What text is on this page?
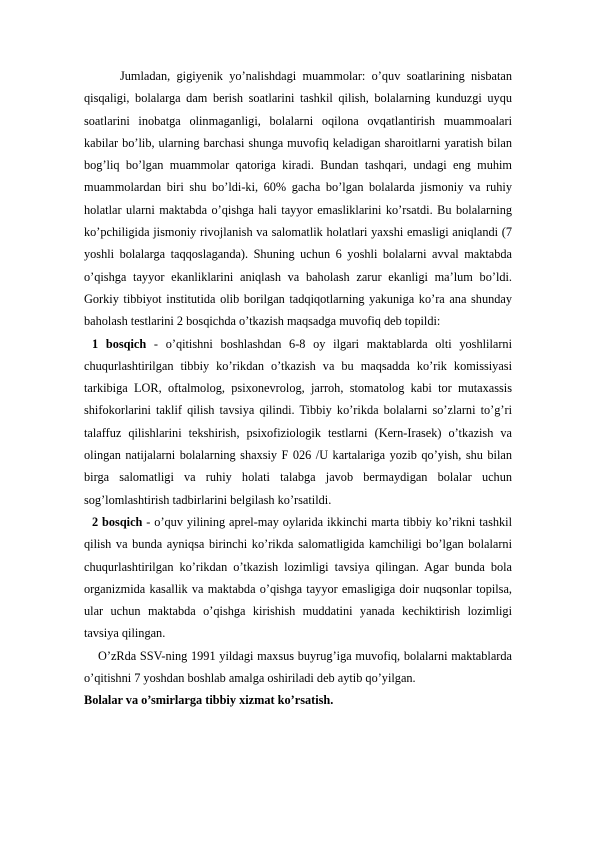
Jumladan, gigiyenik yo’nalishdagi muammolar: o’quv soatlarining nisbatan qisqaligi, bolalarga dam berish soatlarini tashkil qilish, bolalarning kunduzgi uyqu soatlarini inobatga olinmaganligi, bolalarni oqilona ovqatlantirish muammoalari kabilar bo’lib, ularning barchasi shunga muvofiq keladigan sharoitlarni yaratish bilan bog’liq bo’lgan muammolar qatoriga kiradi. Bundan tashqari, undagi eng muhim muammolardan biri shu bo’ldi-ki, 60% gacha bo’lgan bolalarda jismoniy va ruhiy holatlar ularni maktabda o’qishga hali tayyor emasliklarini ko’rsatdi. Bu bolalarning ko’pchiligida jismoniy rivojlanish va salomatlik holatlari yaxshi emasligi aniqlandi (7 yoshli bolalarga taqqoslaganda). Shuning uchun 6 yoshli bolalarni avval maktabda o’qishga tayyor ekanliklarini aniqlash va baholash zarur ekanligi ma’lum bo’ldi. Gorkiy tibbiyot institutida olib borilgan tadqiqotlarning yakuniga ko’ra ana shunday baholash testlarini 2 bosqichda o’tkazish maqsadga muvofiq deb topildi:

1 bosqich - o’qitishni boshlashdan 6-8 oy ilgari maktablarda olti yoshlilarni chuqurlashtirilgan tibbiy ko’rikdan o’tkazish va bu maqsadda ko’rik komissiyasi tarkibiga LOR, oftalmolog, psixonevrolog, jarroh, stomatolog kabi tor mutaxassis shifokorlarini taklif qilish tavsiya qilindi. Tibbiy ko’rikda bolalarni so’zlarni to’g’ri talaffuz qilishlarini tekshirish, psixofiziologik testlarni (Kern-Irasek) o’tkazish va olingan natijalarni bolalarning shaxsiy F 026 /U kartalariga yozib qo’yish, shu bilan birga salomatligi va ruhiy holati talabga javob bermaydigan bolalar uchun sog’lomlashtirish tadbirlarini belgilash ko’rsatildi.

2 bosqich - o’quv yilining aprel-may oylarida ikkinchi marta tibbiy ko’rikni tashkil qilish va bunda ayniqsa birinchi ko’rikda salomatligida kamchiligi bo’lgan bolalarni chuqurlashtirilgan ko’rikdan o’tkazish lozimligi tavsiya qilingan. Agar bunda bola organizmida kasallik va maktabda o’qishga tayyor emasligiga doir nuqsonlar topilsa, ular uchun maktabda o’qishga kirishish muddatini yanada kechiktirish lozimligi tavsiya qilingan.

O’zRda SSV-ning 1991 yildagi maxsus buyrug’iga muvofiq, bolalarni maktablarda o’qitishni 7 yoshdan boshlab amalga oshiriladi deb aytib qo’yilgan.

Bolalar va o’smirlarga tibbiy xizmat ko’rsatish.
